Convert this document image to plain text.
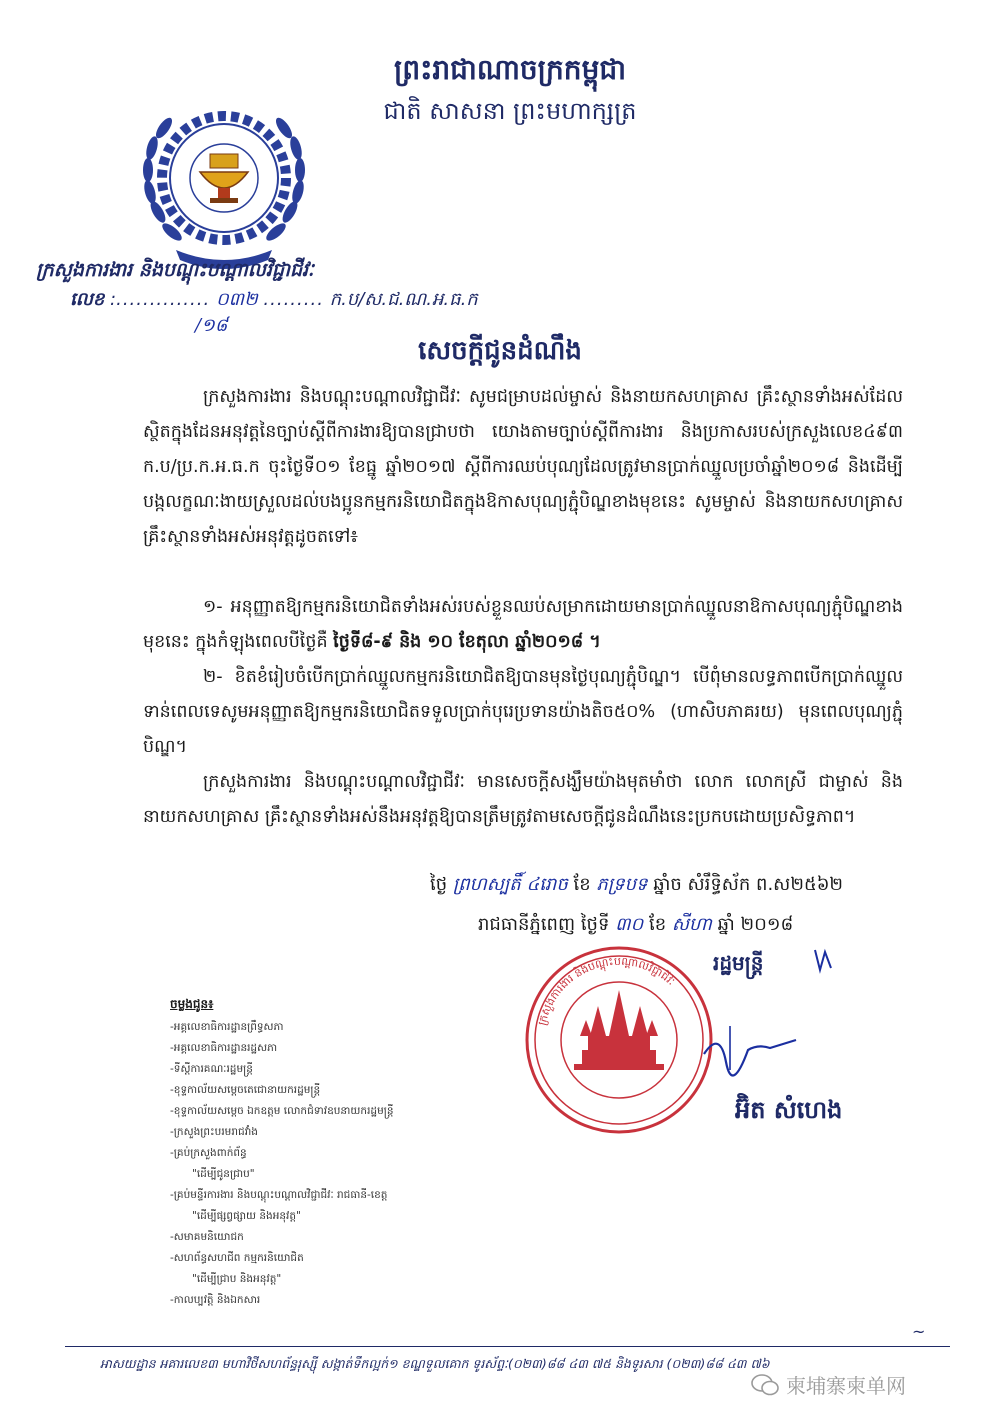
ព្រះរាជាណាចក្រកម្ពុជា
ជាតិ សាសនា ព្រះមហាក្សត្រ
ក្រសួងការងារ និងបណ្តុះបណ្តាលវិជ្ជាជីវៈ
លេខ :.............. ០៣២ ......... ក.ប/ស.ជ.ណ.អ.ធ.ក
/១៨
សេចក្តីជូនដំណឹង
ក្រសួងការងារ និងបណ្តុះបណ្តាលវិជ្ជាជីវៈ សូមជម្រាបដល់ម្ចាស់ និងនាយកសហគ្រាស គ្រឹះស្ថានទាំងអស់ដែលស្ថិតក្នុងដែនអនុវត្តនៃច្បាប់ស្តីពីការងារឱ្យបានជ្រាបថា យោងតាមច្បាប់ស្តីពីការងារ និងប្រកាសរបស់ក្រសួងលេខ៤៩៣ ក.ប/ប្រ.ក.អ.ធ.ក ចុះថ្ងៃទី០១ ខែធ្នូ ឆ្នាំ២០១៧ ស្តីពីការឈប់បុណ្យដែលត្រូវមានប្រាក់ឈ្នួលប្រចាំឆ្នាំ២០១៨ និងដើម្បីបង្កលក្ខណៈងាយស្រួលដល់បងប្អូនកម្មករនិយោជិតក្នុងឱកាសបុណ្យភ្ជុំបិណ្ឌខាងមុខនេះ សូមម្ចាស់ និងនាយកសហគ្រាស គ្រឹះស្ថានទាំងអស់អនុវត្តដូចតទៅ៖
១- អនុញ្ញាតឱ្យកម្មករនិយោជិតទាំងអស់របស់ខ្លួនឈប់សម្រាកដោយមានប្រាក់ឈ្នួលនាឱកាសបុណ្យភ្ជុំបិណ្ឌខាងមុខនេះ ក្នុងកំឡុងពេលបីថ្ងៃគឺ ថ្ងៃទី៨-៩ និង ១០ ខែតុលា ឆ្នាំ២០១៨ ។
២- ខិតខំរៀបចំបើកប្រាក់ឈ្នួលកម្មករនិយោជិតឱ្យបានមុនថ្ងៃបុណ្យភ្ជុំបិណ្ឌ។ បើពុំមានលទ្ធភាពបើកប្រាក់ឈ្នួលទាន់ពេលទេសូមអនុញ្ញាតឱ្យកម្មករនិយោជិតទទួលប្រាក់បុរេប្រទានយ៉ាងតិច៥០% (ហាសិបភាគរយ) មុនពេលបុណ្យភ្ជុំបិណ្ឌ។
ក្រសួងការងារ និងបណ្តុះបណ្តាលវិជ្ជាជីវៈ មានសេចក្តីសង្ឃឹមយ៉ាងមុតមាំថា លោក លោកស្រី ជាម្ចាស់ និងនាយកសហគ្រាស គ្រឹះស្ថានទាំងអស់នឹងអនុវត្តឱ្យបានត្រឹមត្រូវតាមសេចក្តីជូនដំណឹងនេះប្រកបដោយប្រសិទ្ធភាព។
ថ្ងៃ ព្រហស្បតិ៍ ៤រោច ខែ ភទ្របទ ឆ្នាំច សំរឹទ្ធិស័ក ព.ស២៥៦២
រាជធានីភ្នំពេញ ថ្ងៃទី ៣០ ខែ សីហា ឆ្នាំ ២០១៨
ក្រសួងការងារ និងបណ្តុះបណ្តាលវិជ្ជាជីវៈ
រដ្ឋមន្ត្រី
អ៊ិត សំហេង
ចម្លងជូន៖
-អគ្គលេខាធិការដ្ឋានព្រឹទ្ធសភា
-អគ្គលេខាធិការដ្ឋានរដ្ឋសភា
-ទីស្តីការគណៈរដ្ឋមន្ត្រី
-ខុទ្ទកាល័យសម្តេចតេជោនាយករដ្ឋមន្ត្រី
-ខុទ្ទកាល័យសម្តេច ឯកឧត្តម លោកជំទាវឧបនាយករដ្ឋមន្ត្រី
-ក្រសួងព្រះបរមរាជវាំង
-គ្រប់ក្រសួងពាក់ព័ន្ធ
"ដើម្បីជូនជ្រាប"
-គ្រប់មន្ទីរការងារ និងបណ្តុះបណ្តាលវិជ្ជាជីវៈ រាជធានី-ខេត្ត
"ដើម្បីផ្សព្វផ្សាយ និងអនុវត្ត"
-សមាគមនិយោជក
-សហព័ន្ធសហជីព កម្មករនិយោជិត
"ដើម្បីជ្រាប និងអនុវត្ត"
-កាលប្បវត្តិ និងឯកសារ
~
អាសយដ្ឋាន អគារលេខ៣ មហាវិថីសហព័ន្ធរុស្ស៊ី សង្កាត់ទឹកល្អក់១ ខណ្ឌទួលគោក ទូរស័ព្ទៈ(០២៣)៨៨ ៤៣ ៧៥ និងទូរសារ (០២៣)៨៨ ៤៣ ៧៦
柬埔寨柬单网
